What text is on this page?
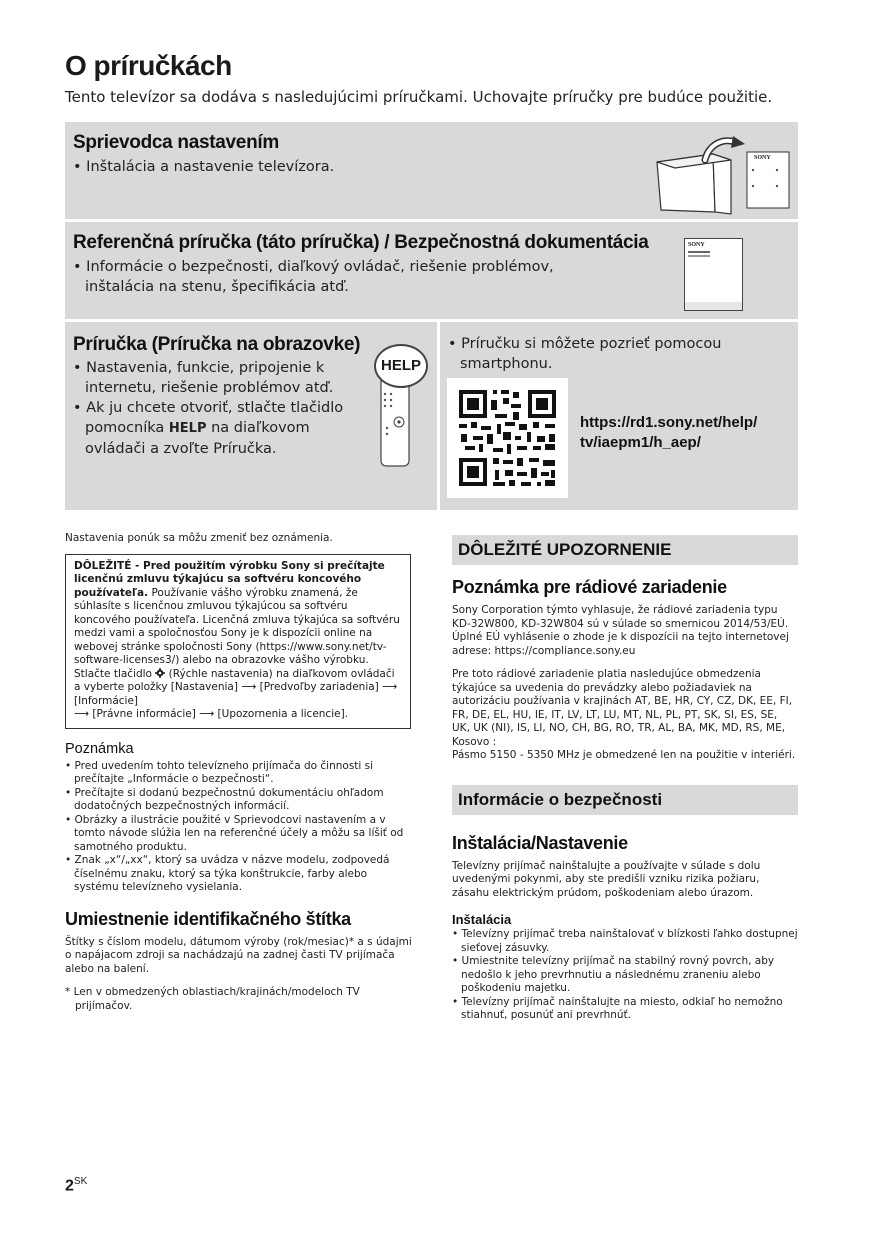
O príručkách

Tento televízor sa dodáva s nasledujúcimi príručkami. Uchovajte príručky pre budúce použitie.

Sprievodca nastavením
• Inštalácia a nastavenie televízora.
SONY
Referenčná príručka (táto príručka) / Bezpečnostná dokumentácia
• Informácie o bezpečnosti, diaľkový ovládač, riešenie problémov,
inštalácia na stenu, špecifikácia atď.
SONY
Príručka (Príručka na obrazovke)
• Nastavenia, funkcie, pripojenie k internetu, riešenie problémov atď.
• Ak ju chcete otvoriť, stlačte tlačidlo pomocníka HELP na diaľkovom ovládači a zvoľte Príručka.
HELP
• Príručku si môžete pozrieť pomocou smartphonu.
https://rd1.sony.net/help/
tv/iaepm1/h_aep/

Nastavenia ponúk sa môžu zmeniť bez oznámenia.

DÔLEŽITÉ - Pred použitím výrobku Sony si prečítajte licenčnú zmluvu týkajúcu sa softvéru koncového používateľa. Používanie vášho výrobku znamená, že súhlasíte s licenčnou zmluvou týkajúcou sa softvéru koncového používateľa. Licenčná zmluva týkajúca sa softvéru medzi vami a spoločnosťou Sony je k dispozícii online na webovej stránke spoločnosti Sony (https://www.sony.net/tv-software-licenses3/) alebo na obrazovke vášho výrobku. Stlačte tlačidlo  (Rýchle nastavenia) na diaľkovom ovládači a vyberte položky [Nastavenia] ⟶ [Predvoľby zariadenia] ⟶ [Informácie]
⟶ [Právne informácie] ⟶ [Upozornenia a licencie].
Poznámka
• Pred uvedením tohto televízneho prijímača do činnosti si prečítajte „Informácie o bezpečnosti“.
• Prečítajte si dodanú bezpečnostnú dokumentáciu ohľadom dodatočných bezpečnostných informácií.
• Obrázky a ilustrácie použité v Sprievodcovi nastavením a v tomto návode slúžia len na referenčné účely a môžu sa líšiť od samotného produktu.
• Znak „x“/„xx“, ktorý sa uvádza v názve modelu, zodpovedá číselnému znaku, ktorý sa týka konštrukcie, farby alebo systému televízneho vysielania.
Umiestnenie identifikačného štítka

Štítky s číslom modelu, dátumom výroby (rok/mesiac)* a s údajmi o napájacom zdroji sa nachádzajú na zadnej časti TV prijímača alebo na balení.

* Len v obmedzených oblastiach/krajinách/modeloch TV prijímačov.

DÔLEŽITÉ UPOZORNENIE
Poznámka pre rádiové zariadenie

Sony Corporation týmto vyhlasuje, že rádiové zariadenia typu KD-32W800, KD-32W804 sú v súlade so smernicou 2014/53/EÚ. Úplné EÚ vyhlásenie o zhode je k dispozícii na tejto internetovej adrese: https://compliance.sony.eu

Pre toto rádiové zariadenie platia nasledujúce obmedzenia týkajúce sa uvedenia do prevádzky alebo požiadaviek na autorizáciu používania v krajinách AT, BE, HR, CY, CZ, DK, EE, FI, FR, DE, EL, HU, IE, IT, LV, LT, LU, MT, NL, PL, PT, SK, SI, ES, SE, UK, UK (NI), IS, LI, NO, CH, BG, RO, TR, AL, BA, MK, MD, RS, ME, Kosovo :

Pásmo 5150 - 5350 MHz je obmedzené len na použitie v interiéri.

Informácie o bezpečnosti
Inštalácia/Nastavenie

Televízny prijímač nainštalujte a používajte v súlade s dolu uvedenými pokynmi, aby ste predišli vzniku rizika požiaru, zásahu elektrickým prúdom, poškodeniam alebo úrazom.

Inštalácia
• Televízny prijímač treba nainštalovať v blízkosti ľahko dostupnej sieťovej zásuvky.
• Umiestnite televízny prijímač na stabilný rovný povrch, aby nedošlo k jeho prevrhnutiu a následnému zraneniu alebo poškodeniu majetku.
• Televízny prijímač nainštalujte na miesto, odkiaľ ho nemožno stiahnuť, posunúť ani prevrhnúť.
$2^{SK}$
